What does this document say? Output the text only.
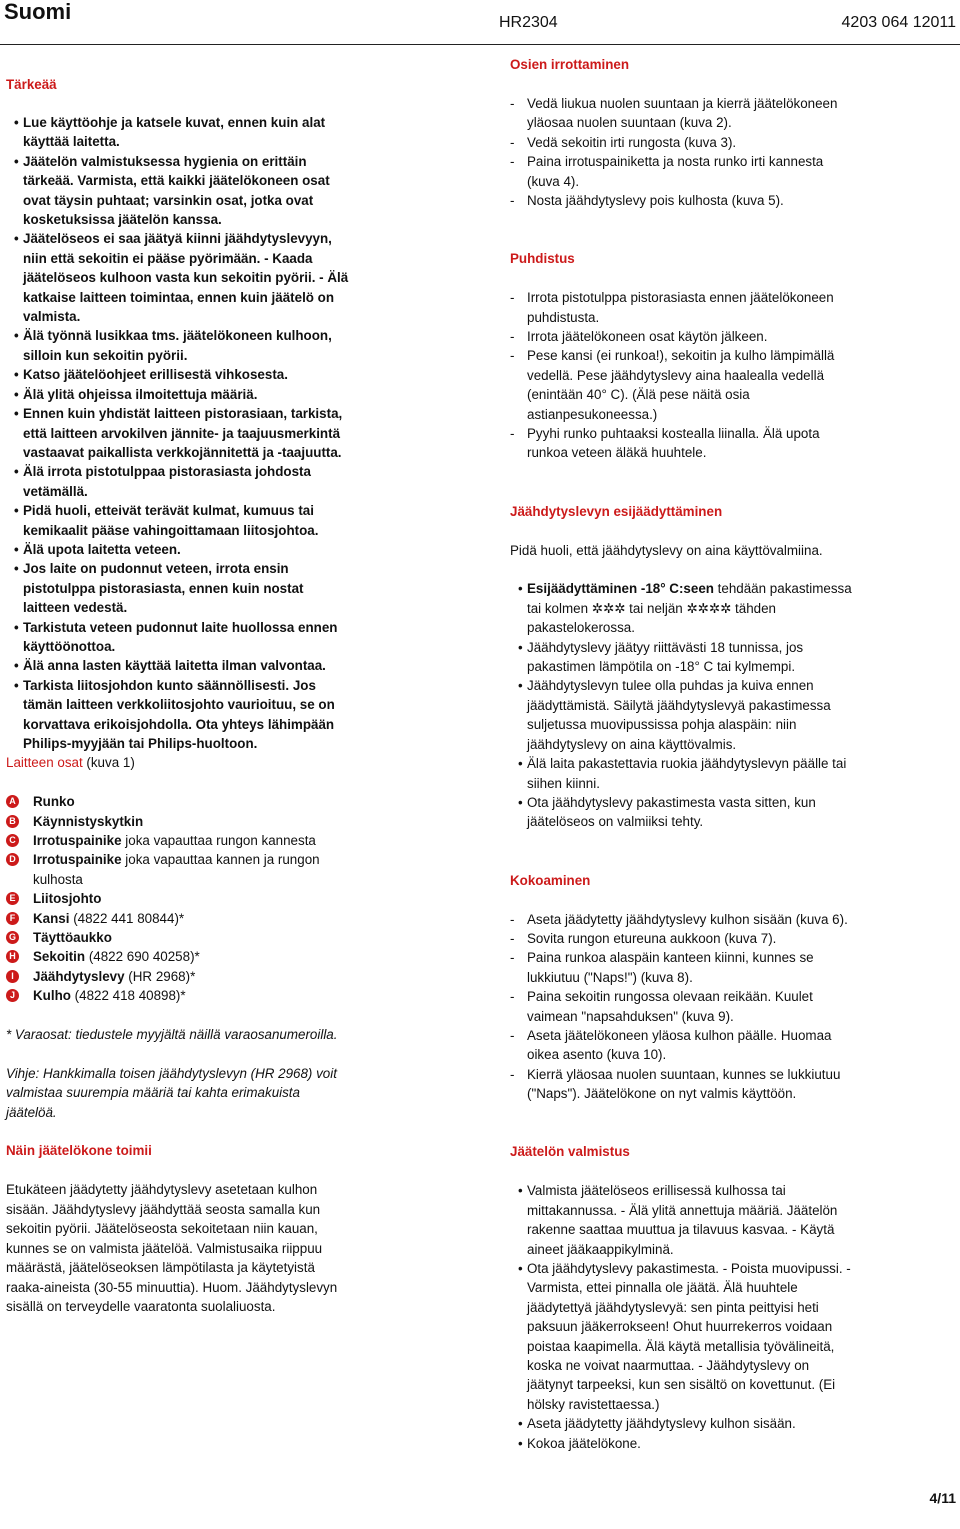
Suomi	HR2304	4203 064 12011
Tärkeää
• Lue käyttöohje ja katsele kuvat, ennen kuin alat käyttää laitetta.
• Jäätelön valmistuksessa hygienia on erittäin tärkeää. Varmista, että kaikki jäätelökoneen osat ovat täysin puhtaat; varsinkin osat, jotka ovat kosketuksissa jäätelön kanssa.
• Jäätelöseos ei saa jäätyä kiinni jäähdytyslevyyn, niin että sekoitin ei pääse pyörimään. - Kaada jäätelöseos kulhoon vasta kun sekoitin pyörii. - Älä katkaise laitteen toimintaa, ennen kuin jäätelö on valmista.
• Älä työnnä lusikkaa tms. jäätelökoneen kulhoon, silloin kun sekoitin pyörii.
• Katso jäätelöohjeet erillisestä vihkosesta.
• Älä ylitä ohjeissa ilmoitettuja määriä.
• Ennen kuin yhdistät laitteen pistorasiaan, tarkista, että laitteen arvokilven jännite- ja taajuusmerkintä vastaavat paikallista verkkojännitettä ja -taajuutta.
• Älä irrota pistotulppaa pistorasiasta johdosta vetämällä.
• Pidä huoli, etteivät terävät kulmat, kumuus tai kemikaalit pääse vahingoittamaan liitosjohtoa.
• Älä upota laitetta veteen.
• Jos laite on pudonnut veteen, irrota ensin pistotulppa pistorasiasta, ennen kuin nostat laitteen vedestä.
• Tarkistuta veteen pudonnut laite huollossa ennen käyttöönottoa.
• Älä anna lasten käyttää laitetta ilman valvontaa.
• Tarkista liitosjohdon kunto säännöllisesti. Jos tämän laitteen verkkoliitosjohto vaurioituu, se on korvattava erikoisjohdolla. Ota yhteys lähimpään Philips-myyjään tai Philips-huoltoon.

Laitteen osat (kuva 1)

A Runko
B Käynnistyskytkin
C Irrotuspainike joka vapauttaa rungon kannesta
D Irrotuspainike joka vapauttaa kannen ja rungon kulhosta
E Liitosjohto
F Kansi (4822 441 80844)*
G Täyttöaukko
H Sekoitin (4822 690 40258)*
I	Jäähdytyslevy (HR 2968)*
J Kulho (4822 418 40898)*

* Varaosat: tiedustele myyjältä näillä varaosanumeroilla.

Vihje: Hankkimalla toisen jäähdytyslevyn (HR 2968) voit valmistaa suurempia määriä tai kahta erimakuista jäätelöä.

Näin jäätelökone toimii

Etukäteen jäädytetty jäähdytyslevy asetetaan kulhon sisään. Jäähdytyslevy jäähdyttää seosta samalla kun sekoitin pyörii. Jäätelöseosta sekoitetaan niin kauan, kunnes se on valmista jäätelöä. Valmistusaika riippuu määrästä, jäätelöseoksen lämpötilasta ja käytetyistä raaka-aineista (30-55 minuuttia). Huom. Jäähdytyslevyn sisällä on terveydelle vaaratonta suolaliuosta.

Osien irrottaminen
- Vedä liukua nuolen suuntaan ja kierrä jäätelökoneen yläosaa nuolen suuntaan (kuva 2).
- Vedä sekoitin irti rungosta (kuva 3).
- Paina irrotuspainiketta ja nosta runko irti kannesta (kuva 4).
- Nosta jäähdytyslevy pois kulhosta (kuva 5).
Puhdistus
- Irrota pistotulppa pistorasiasta ennen jäätelökoneen puhdistusta.
- Irrota jäätelökoneen osat käytön jälkeen.
- Pese kansi (ei runkoa!), sekoitin ja kulho lämpimällä vedellä. Pese jäähdytyslevy aina haalealla vedellä (enintään 40° C). (Älä pese näitä osia astianpesukoneessa.)
- Pyyhi runko puhtaaksi kostealla liinalla. Älä upota runkoa veteen äläkä huuhtele.
Jäähdytyslevyn esijäädyttäminen

Pidä huoli, että jäähdytyslevy on aina käyttövalmiina.

• Esijäädyttäminen -18° C:seen tehdään pakastimessa tai kolmen ✲✲✲ tai neljän ✲✲✲✲ tähden pakastelokerossa.
• Jäähdytyslevy jäätyy riittävästi 18 tunnissa, jos pakastimen lämpötila on -18° C tai kylmempi.
• Jäähdytyslevyn tulee olla puhdas ja kuiva ennen jäädyttämistä. Säilytä jäähdytyslevyä pakastimessa suljetussa muovipussissa pohja alaspäin: niin jäähdytyslevy on aina käyttövalmis.
• Älä laita pakastettavia ruokia jäähdytyslevyn päälle tai siihen kiinni.
• Ota jäähdytyslevy pakastimesta vasta sitten, kun jäätelöseos on valmiiksi tehty.
Kokoaminen
- Aseta jäädytetty jäähdytyslevy kulhon sisään (kuva 6).
- Sovita rungon etureuna aukkoon (kuva 7).
- Paina runkoa alaspäin kanteen kiinni, kunnes se lukkiutuu ("Naps!") (kuva 8).
- Paina sekoitin rungossa olevaan reikään. Kuulet vaimean "napsahduksen" (kuva 9).
- Aseta jäätelökoneen yläosa kulhon päälle. Huomaa oikea asento (kuva 10).
- Kierrä yläosaa nuolen suuntaan, kunnes se lukkiutuu ("Naps"). Jäätelökone on nyt valmis käyttöön.
Jäätelön valmistus
• Valmista jäätelöseos erillisessä kulhossa tai mittakannussa. - Älä ylitä annettuja määriä. Jäätelön rakenne saattaa muuttua ja tilavuus kasvaa. - Käytä aineet jääkaappikylminä.
• Ota jäähdytyslevy pakastimesta. - Poista muovipussi. - Varmista, ettei pinnalla ole jäätä. Älä huuhtele jäädytettyä jäähdytyslevyä: sen pinta peittyisi heti paksuun jääkerrokseen! Ohut huurrekerros voidaan poistaa kaapimella. Älä käytä metallisia työvälineitä, koska ne voivat naarmuttaa. - Jäähdytyslevy on jäätynyt tarpeeksi, kun sen sisältö on kovettunut. (Ei hölsky ravistettaessa.)
• Aseta jäädytetty jäähdytyslevy kulhon sisään.
• Kokoa jäätelökone.
4/11
